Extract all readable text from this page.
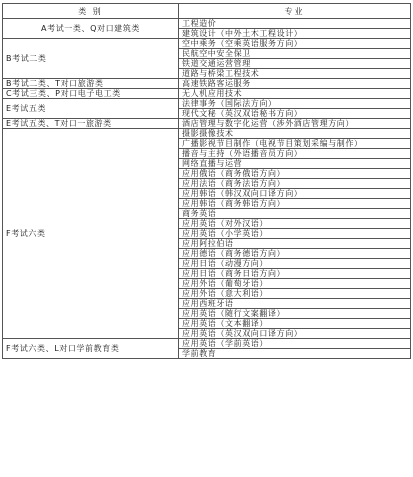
类 别	专业
A考试一类、Q对口建筑类	工程造价
	建筑设计（中外土木工程设计）
B考试二类	空中乘务（空乘英语服务方向）
	民航空中安全保卫
	铁道交通运营管理
	道路与桥梁工程技术
B考试二类、T对口旅游类	高速铁路客运服务
C考试三类、P对口电子电工类	无人机应用技术
E考试五类	法律事务（国际法方向）
	现代文秘（英汉双语秘书方向）
E考试五类、T对口一旅游类	酒店管理与数字化运营（涉外酒店管理方向）
F考试六类	摄影摄像技术
	广播影视节目制作（电视节目策划采编与制作）
	播音与主持（外语播音员方向）
	网络直播与运营
	应用俄语（商务俄语方向）
	应用法语（商务法语方向）
	应用韩语（韩汉双向口译方向）
	应用韩语（商务韩语方向）
	商务英语
	应用英语（对外汉语）
	应用英语（小学英语）
	应用阿拉伯语
	应用德语（商务德语方向）
	应用日语（动漫方向）
	应用日语（商务日语方向）
	应用外语（葡萄牙语）
	应用外语（意大利语）
	应用西班牙语
	应用英语（随行文案翻译）
	应用英语（文本翻译）
	应用英语（英汉双向口译方向）
F考试六类、L对口学前教育类	应用英语（学前英语）
	学前教育
